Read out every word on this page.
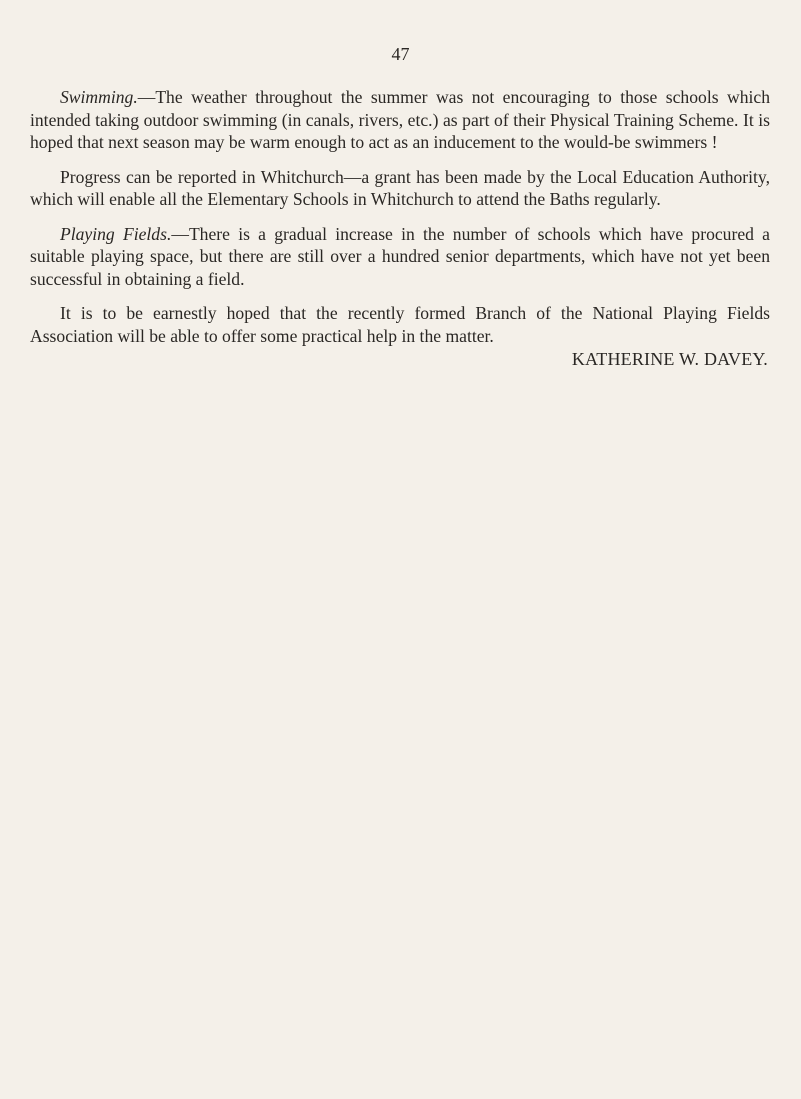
47

Swimming.—The weather throughout the summer was not encouraging to those schools which intended taking outdoor swimming (in canals, rivers, etc.) as part of their Physical Training Scheme. It is hoped that next season may be warm enough to act as an inducement to the would-be swimmers !

Progress can be reported in Whitchurch—a grant has been made by the Local Education Authority, which will enable all the Elementary Schools in Whitchurch to attend the Baths regularly.

Playing Fields.—There is a gradual increase in the number of schools which have procured a suitable playing space, but there are still over a hundred senior departments, which have not yet been successful in obtaining a field.

It is to be earnestly hoped that the recently formed Branch of the National Playing Fields Association will be able to offer some practical help in the matter.

KATHERINE W. DAVEY.
